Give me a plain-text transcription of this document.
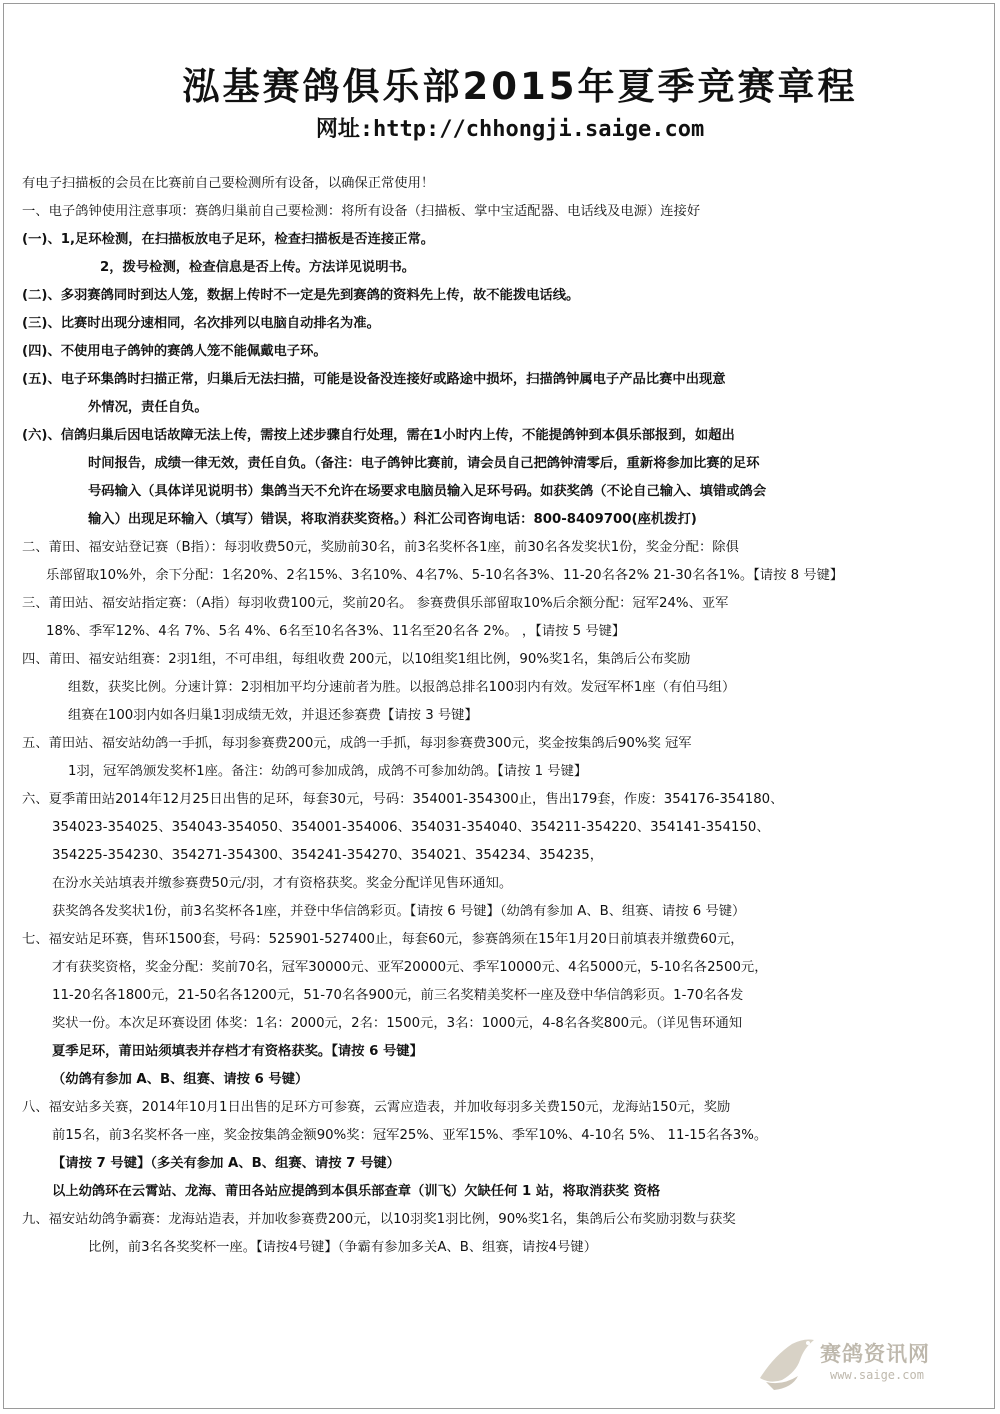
泓基赛鸽俱乐部2015年夏季竞赛章程
网址:http://chhongji.saige.com
有电子扫描板的会员在比赛前自己要检测所有设备，以确保正常使用！
一、电子鸽钟使用注意事项：赛鸽归巢前自己要检测：将所有设备（扫描板、掌中宝适配器、电话线及电源）连接好
(一)、1,足环检测，在扫描板放电子足环，检查扫描板是否连接正常。
2，拨号检测，检查信息是否上传。方法详见说明书。
(二)、多羽赛鸽同时到达人笼，数据上传时不一定是先到赛鸽的资料先上传，故不能拨电话线。
(三)、比赛时出现分速相同，名次排列以电脑自动排名为准。
(四)、不使用电子鸽钟的赛鸽人笼不能佩戴电子环。
(五)、电子环集鸽时扫描正常，归巢后无法扫描，可能是设备没连接好或路途中损坏，扫描鸽钟属电子产品比赛中出现意
外情况，责任自负。
(六)、信鸽归巢后因电话故障无法上传，需按上述步骤自行处理，需在1小时内上传，不能提鸽钟到本俱乐部报到，如超出
时间报告，成绩一律无效，责任自负。（备注：电子鸽钟比赛前，请会员自己把鸽钟清零后，重新将参加比赛的足环
号码输入（具体详见说明书）集鸽当天不允许在场要求电脑员输入足环号码。如获奖鸽（不论自己输入、填错或鸽会
输入）出现足环输入（填写）错误，将取消获奖资格。）科汇公司咨询电话：800-8409700(座机拨打)
二、莆田、福安站登记赛（B指）：每羽收费50元，奖励前30名，前3名奖杯各1座，前30名各发奖状1份，奖金分配：除俱
乐部留取10%外，余下分配：1名20%、2名15%、3名10%、4名7%、5-10名各3%、11-20名各2% 21-30名各1%。【请按 8 号键】
三、莆田站、福安站指定赛：（A指）每羽收费100元，奖前20名。 参赛费俱乐部留取10%后余额分配：冠军24%、亚军
18%、季军12%、4名 7%、5名 4%、6名至10名各3%、11名至20名各 2%。 ，【请按 5 号键】
四、莆田、福安站组赛：2羽1组，不可串组，每组收费 200元，以10组奖1组比例，90%奖1名，集鸽后公布奖励
组数，获奖比例。分速计算：2羽相加平均分速前者为胜。以报鸽总排名100羽内有效。发冠军杯1座（有伯马组）
组赛在100羽内如各归巢1羽成绩无效，并退还参赛费【请按 3 号键】
五、莆田站、福安站幼鸽一手抓，每羽参赛费200元，成鸽一手抓，每羽参赛费300元，奖金按集鸽后90%奖 冠军
1羽，冠军鸽颁发奖杯1座。备注：幼鸽可参加成鸽，成鸽不可参加幼鸽。【请按 1 号键】
六、夏季莆田站2014年12月25日出售的足环，每套30元，号码：354001-354300止，售出179套，作废：354176-354180、
354023-354025、354043-354050、354001-354006、354031-354040、354211-354220、354141-354150、
354225-354230、354271-354300、354241-354270、354021、354234、354235，
在汾水关站填表并缴参赛费50元/羽，才有资格获奖。奖金分配详见售环通知。
获奖鸽各发奖状1份，前3名奖杯各1座，并登中华信鸽彩页。【请按 6 号键】（幼鸽有参加 A、B、组赛、请按 6 号键）
七、福安站足环赛，售环1500套，号码：525901-527400止，每套60元，参赛鸽须在15年1月20日前填表并缴费60元，
才有获奖资格，奖金分配：奖前70名，冠军30000元、亚军20000元、季军10000元、4名5000元，5-10名各2500元，
11-20名各1800元，21-50名各1200元，51-70名各900元，前三名奖精美奖杯一座及登中华信鸽彩页。1-70名各发
奖状一份。本次足环赛设团 体奖：1名：2000元，2名：1500元，3名：1000元，4-8名各奖800元。（详见售环通知
夏季足环，莆田站须填表并存档才有资格获奖。【请按 6 号键】
（幼鸽有参加 A、B、组赛、请按 6 号键）
八、福安站多关赛，2014年10月1日出售的足环方可参赛，云霄应造表，并加收每羽多关费150元，龙海站150元，奖励
前15名，前3名奖杯各一座，奖金按集鸽金额90%奖：冠军25%、亚军15%、季军10%、4-10名 5%、 11-15名各3%。
【请按 7 号键】（多关有参加 A、B、组赛、请按 7 号键）
以上幼鸽环在云霄站、龙海、莆田各站应提鸽到本俱乐部查章（训飞）欠缺任何 1 站，将取消获奖 资格
九、福安站幼鸽争霸赛：龙海站造表，并加收参赛费200元，以10羽奖1羽比例，90%奖1名，集鸽后公布奖励羽数与获奖
比例，前3名各奖奖杯一座。【请按4号键】（争霸有参加多关A、B、组赛，请按4号键）
赛鸽资讯网
www.saige.com
